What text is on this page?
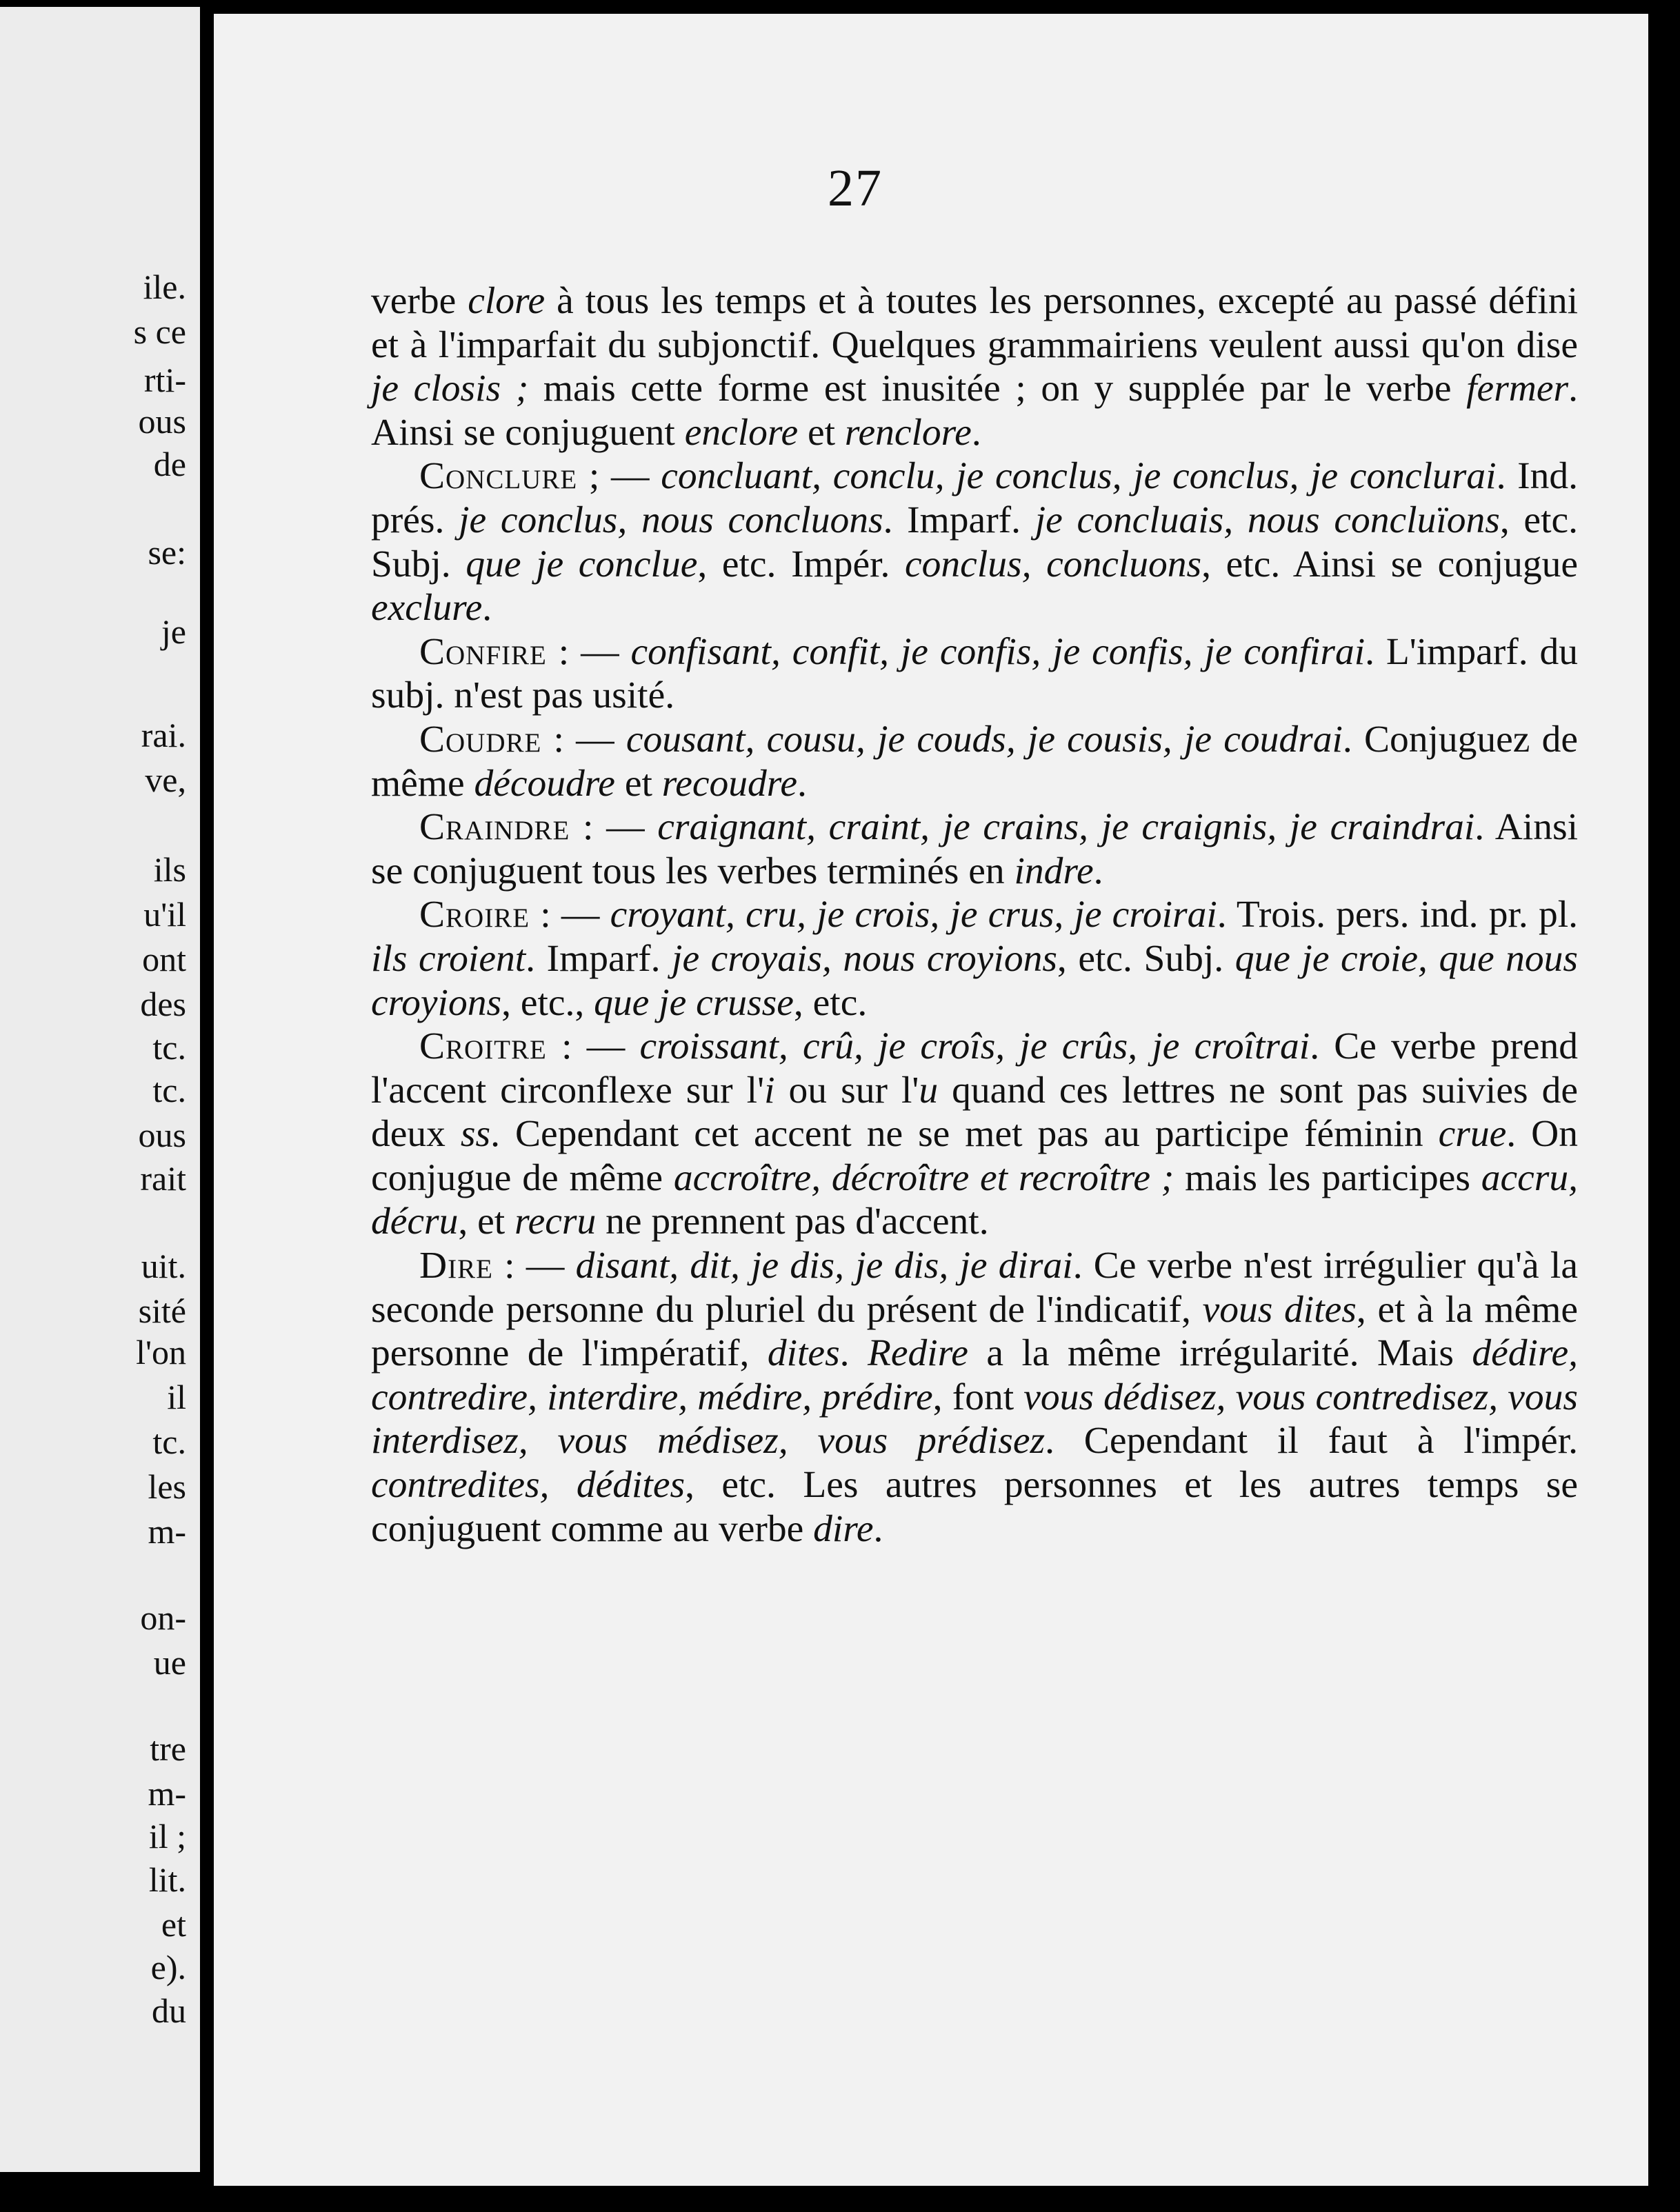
ile.
s ce
rti-
ous
de
se:
je
rai.
ve,
ils
u'il
ont
des
tc.
tc.
ous
rait
uit.
sité
l'on
il
tc.
les
m-
on-
ue
tre
m-
il ;
lit.
et
e).
du
27

verbe clore à tous les temps et à toutes les personnes, excepté au passé défini et à l'imparfait du subjonctif. Quelques grammairiens veulent aussi qu'on dise je closis ; mais cette forme est inusitée ; on y supplée par le verbe fermer. Ainsi se conjuguent enclore et renclore.

Conclure ; — concluant, conclu, je conclus, je conclus, je conclurai. Ind. prés. je conclus, nous concluons. Imparf. je concluais, nous concluïons, etc. Subj. que je conclue, etc. Impér. conclus, concluons, etc. Ainsi se conjugue exclure.

Confire : — confisant, confit, je confis, je confis, je confirai. L'imparf. du subj. n'est pas usité.

Coudre : — cousant, cousu, je couds, je cousis, je coudrai. Conjuguez de même découdre et recoudre.

Craindre : — craignant, craint, je crains, je craignis, je craindrai. Ainsi se conjuguent tous les verbes terminés en indre.

Croire : — croyant, cru, je crois, je crus, je croirai. Trois. pers. ind. pr. pl. ils croient. Imparf. je croyais, nous croyions, etc. Subj. que je croie, que nous croyions, etc., que je crusse, etc.

Croitre : — croissant, crû, je croîs, je crûs, je croîtrai. Ce verbe prend l'accent circonflexe sur l'i ou sur l'u quand ces lettres ne sont pas suivies de deux ss. Cependant cet accent ne se met pas au participe féminin crue. On conjugue de même accroître, décroître et recroître ; mais les participes accru, décru, et recru ne prennent pas d'accent.

Dire : — disant, dit, je dis, je dis, je dirai. Ce verbe n'est irrégulier qu'à la seconde personne du pluriel du présent de l'indicatif, vous dites, et à la même personne de l'impératif, dites. Redire a la même irrégularité. Mais dédire, contredire, interdire, médire, prédire, font vous dédisez, vous contredisez, vous interdisez, vous médisez, vous prédisez. Cependant il faut à l'impér. contredites, dédites, etc. Les autres personnes et les autres temps se conjuguent comme au verbe dire.
